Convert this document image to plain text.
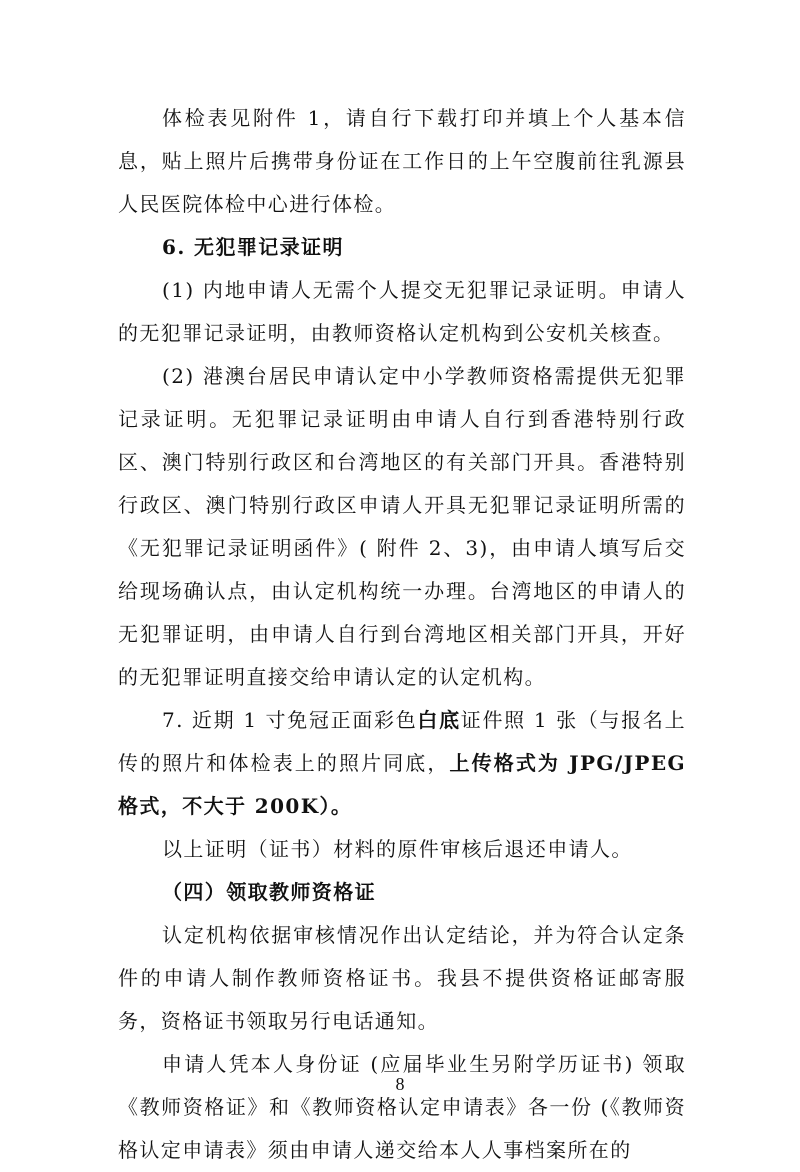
体检表见附件 1，请自行下载打印并填上个人基本信息，贴上照片后携带身份证在工作日的上午空腹前往乳源县人民医院体检中心进行体检。

6. 无犯罪记录证明

(1) 内地申请人无需个人提交无犯罪记录证明。申请人的无犯罪记录证明，由教师资格认定机构到公安机关核查。

(2) 港澳台居民申请认定中小学教师资格需提供无犯罪记录证明。无犯罪记录证明由申请人自行到香港特别行政区、澳门特别行政区和台湾地区的有关部门开具。香港特别行政区、澳门特别行政区申请人开具无犯罪记录证明所需的《无犯罪记录证明函件》( 附件 2、3)，由申请人填写后交给现场确认点，由认定机构统一办理。台湾地区的申请人的无犯罪证明，由申请人自行到台湾地区相关部门开具，开好的无犯罪证明直接交给申请认定的认定机构。

7. 近期 1 寸免冠正面彩色白底证件照 1 张（与报名上传的照片和体检表上的照片同底，上传格式为 JPG/JPEG 格式，不大于 200K）。

以上证明（证书）材料的原件审核后退还申请人。

（四）领取教师资格证

认定机构依据审核情况作出认定结论，并为符合认定条件的申请人制作教师资格证书。我县不提供资格证邮寄服务，资格证书领取另行电话通知。

申请人凭本人身份证 (应届毕业生另附学历证书) 领取《教师资格证》和《教师资格认定申请表》各一份 (《教师资格认定申请表》须由申请人递交给本人人事档案所在的

8
